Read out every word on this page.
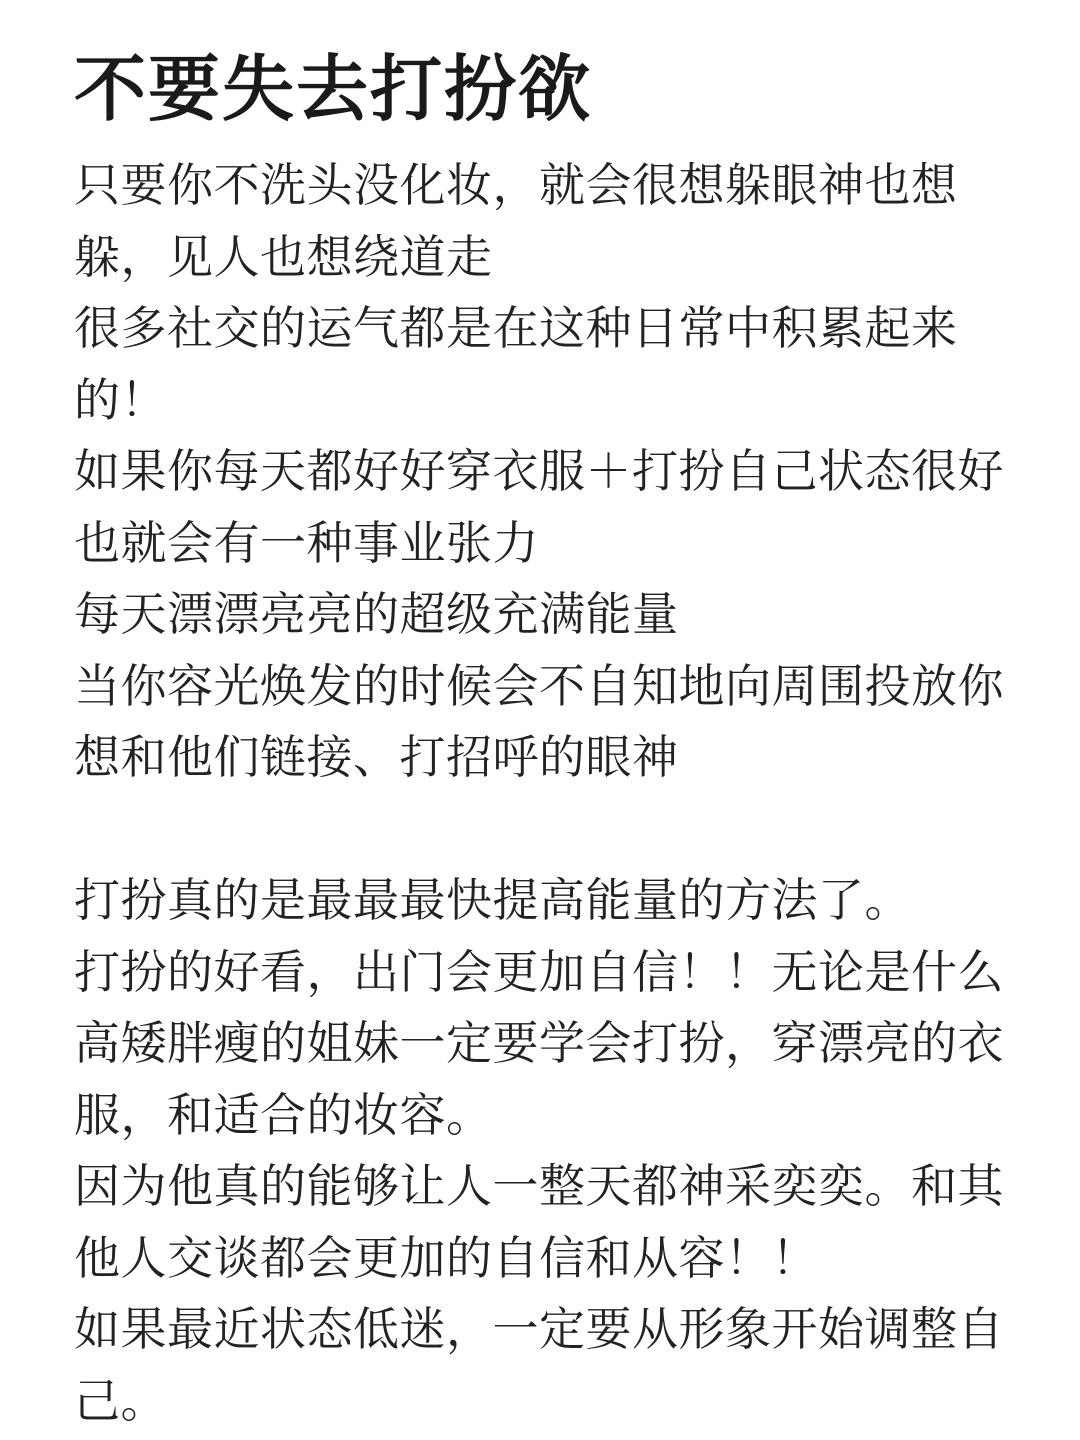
不要失去打扮欲

只要你不洗头没化妆，就会很想躲眼神也想躲，见人也想绕道走

很多社交的运气都是在这种日常中积累起来的！

如果你每天都好好穿衣服＋打扮自己状态很好也就会有一种事业张力

每天漂漂亮亮的超级充满能量

当你容光焕发的时候会不自知地向周围投放你想和他们链接、打招呼的眼神

打扮真的是最最最快提高能量的方法了。

打扮的好看，出门会更加自信！！无论是什么高矮胖瘦的姐妹一定要学会打扮，穿漂亮的衣服，和适合的妆容。

因为他真的能够让人一整天都神采奕奕。和其他人交谈都会更加的自信和从容！！

如果最近状态低迷，一定要从形象开始调整自己。
